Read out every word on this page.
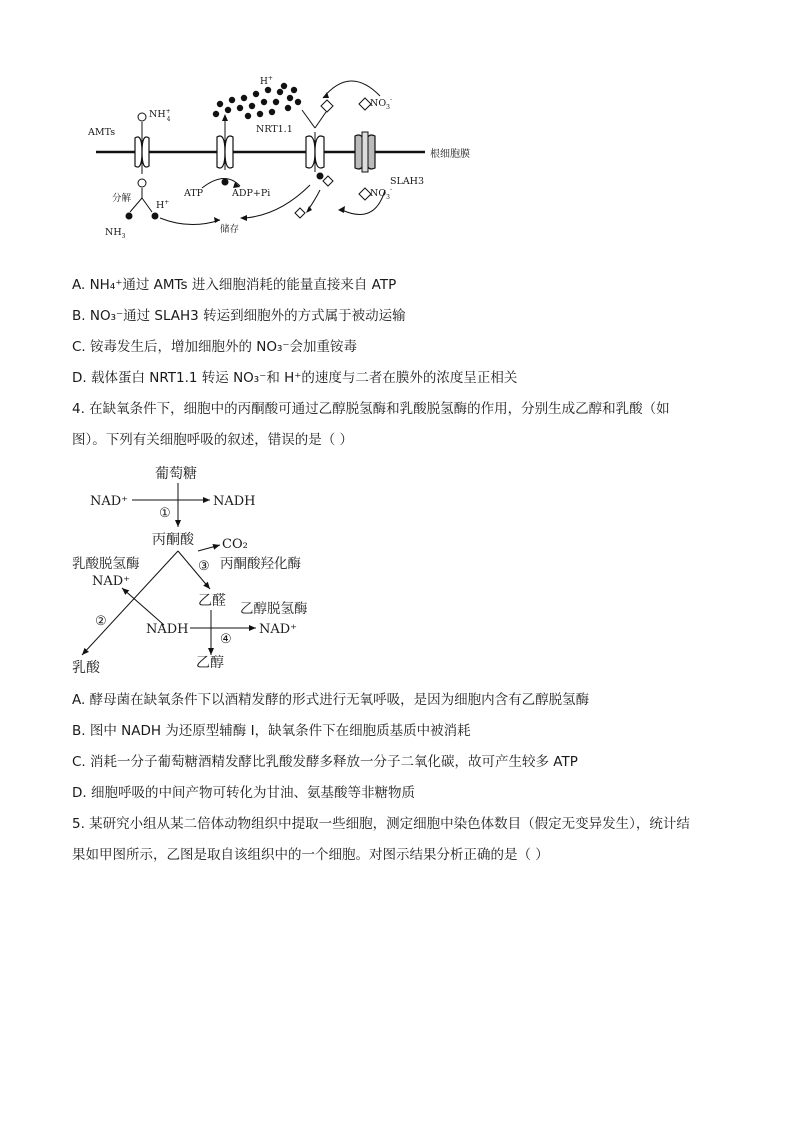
根细胞膜
AMTs
NH+ 4
分解
$NH_3$
H+
储存
ATP	ADP+Pi
H+
NRT1.1
$NO_3^-$
$NO_3^-$
SLAH3
A. NH₄⁺通过 AMTs 进入细胞消耗的能量直接来自 ATP
B. NO₃⁻通过 SLAH3 转运到细胞外的方式属于被动运输
C. 铵毒发生后，增加细胞外的 NO₃⁻会加重铵毒
D. 载体蛋白 NRT1.1 转运 NO₃⁻和 H⁺的速度与二者在膜外的浓度呈正相关
4. 在缺氧条件下，细胞中的丙酮酸可通过乙醇脱氢酶和乳酸脱氢酶的作用，分别生成乙醇和乳酸（如
图）。下列有关细胞呼吸的叙述，错误的是（ ）
葡萄糖
NAD⁺	NADH
①
丙酮酸 CO₂
③ 丙酮酸羟化酶
乳酸脱氢酶
NAD⁺
②
乙醛 乙醇脱氢酶
NADH
④
NAD⁺
乳酸	乙醇
A. 酵母菌在缺氧条件下以酒精发酵的形式进行无氧呼吸，是因为细胞内含有乙醇脱氢酶
B. 图中 NADH 为还原型辅酶 I，缺氧条件下在细胞质基质中被消耗
C. 消耗一分子葡萄糖酒精发酵比乳酸发酵多释放一分子二氧化碳，故可产生较多 ATP
D. 细胞呼吸的中间产物可转化为甘油、氨基酸等非糖物质
5. 某研究小组从某二倍体动物组织中提取一些细胞，测定细胞中染色体数目（假定无变异发生），统计结
果如甲图所示，乙图是取自该组织中的一个细胞。对图示结果分析正确的是（ ）
